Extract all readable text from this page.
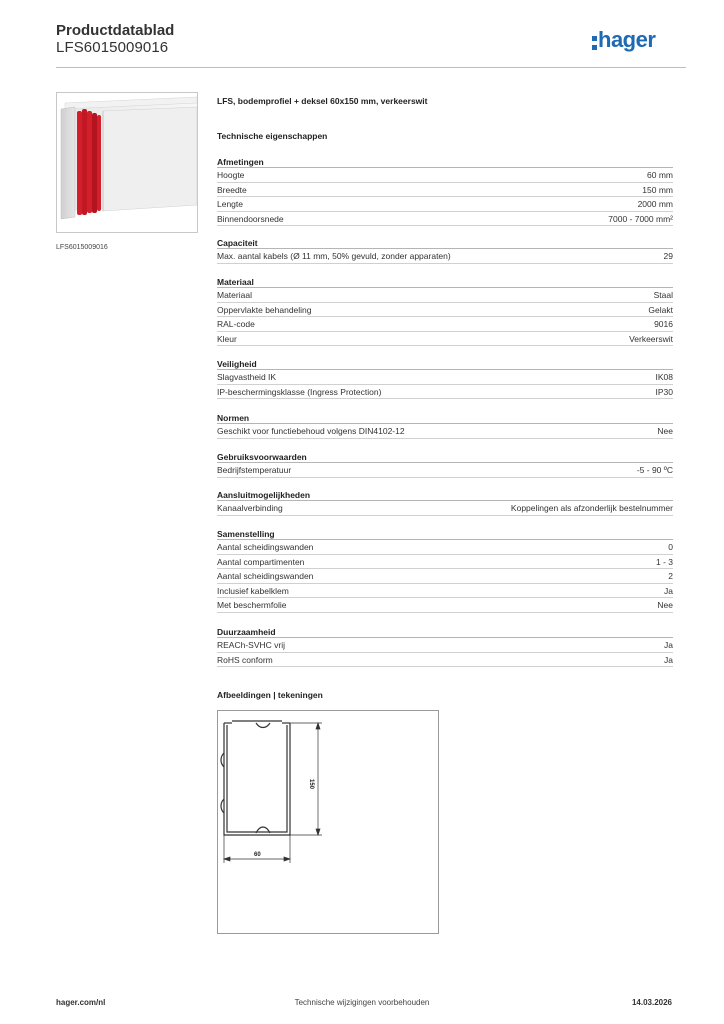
Productdatablad
LFS6015009016	hager
LFS6015009016
LFS, bodemprofiel + deksel 60x150 mm, verkeerswit
Technische eigenschappen
Afmetingen
Hoogte	60 mm
Breedte	150 mm
Lengte	2000 mm
Binnendoorsnede	7000 - 7000 mm²
Capaciteit
Max. aantal kabels (Ø 11 mm, 50% gevuld, zonder apparaten)	29
Materiaal
Materiaal	Staal
Oppervlakte behandeling	Gelakt
RAL-code	9016
Kleur	Verkeerswit
Veiligheid
Slagvastheid IK	IK08
IP-beschermingsklasse (Ingress Protection)	IP30
Normen
Geschikt voor functiebehoud volgens DIN4102-12	Nee
Gebruiksvoorwaarden
Bedrijfstemperatuur	-5 - 90 ºC
Aansluitmogelijkheden
Kanaalverbinding	Koppelingen als afzonderlijk bestelnummer
Samenstelling
Aantal scheidingswanden	0
Aantal compartimenten	1 - 3
Aantal scheidingswanden	2
Inclusief kabelklem	Ja
Met beschermfolie	Nee
Duurzaamheid
REACh-SVHC vrij	Ja
RoHS conform	Ja
Afbeeldingen | tekeningen
150
60
hager.com/nl	Technische wijzigingen voorbehouden	14.03.2026
